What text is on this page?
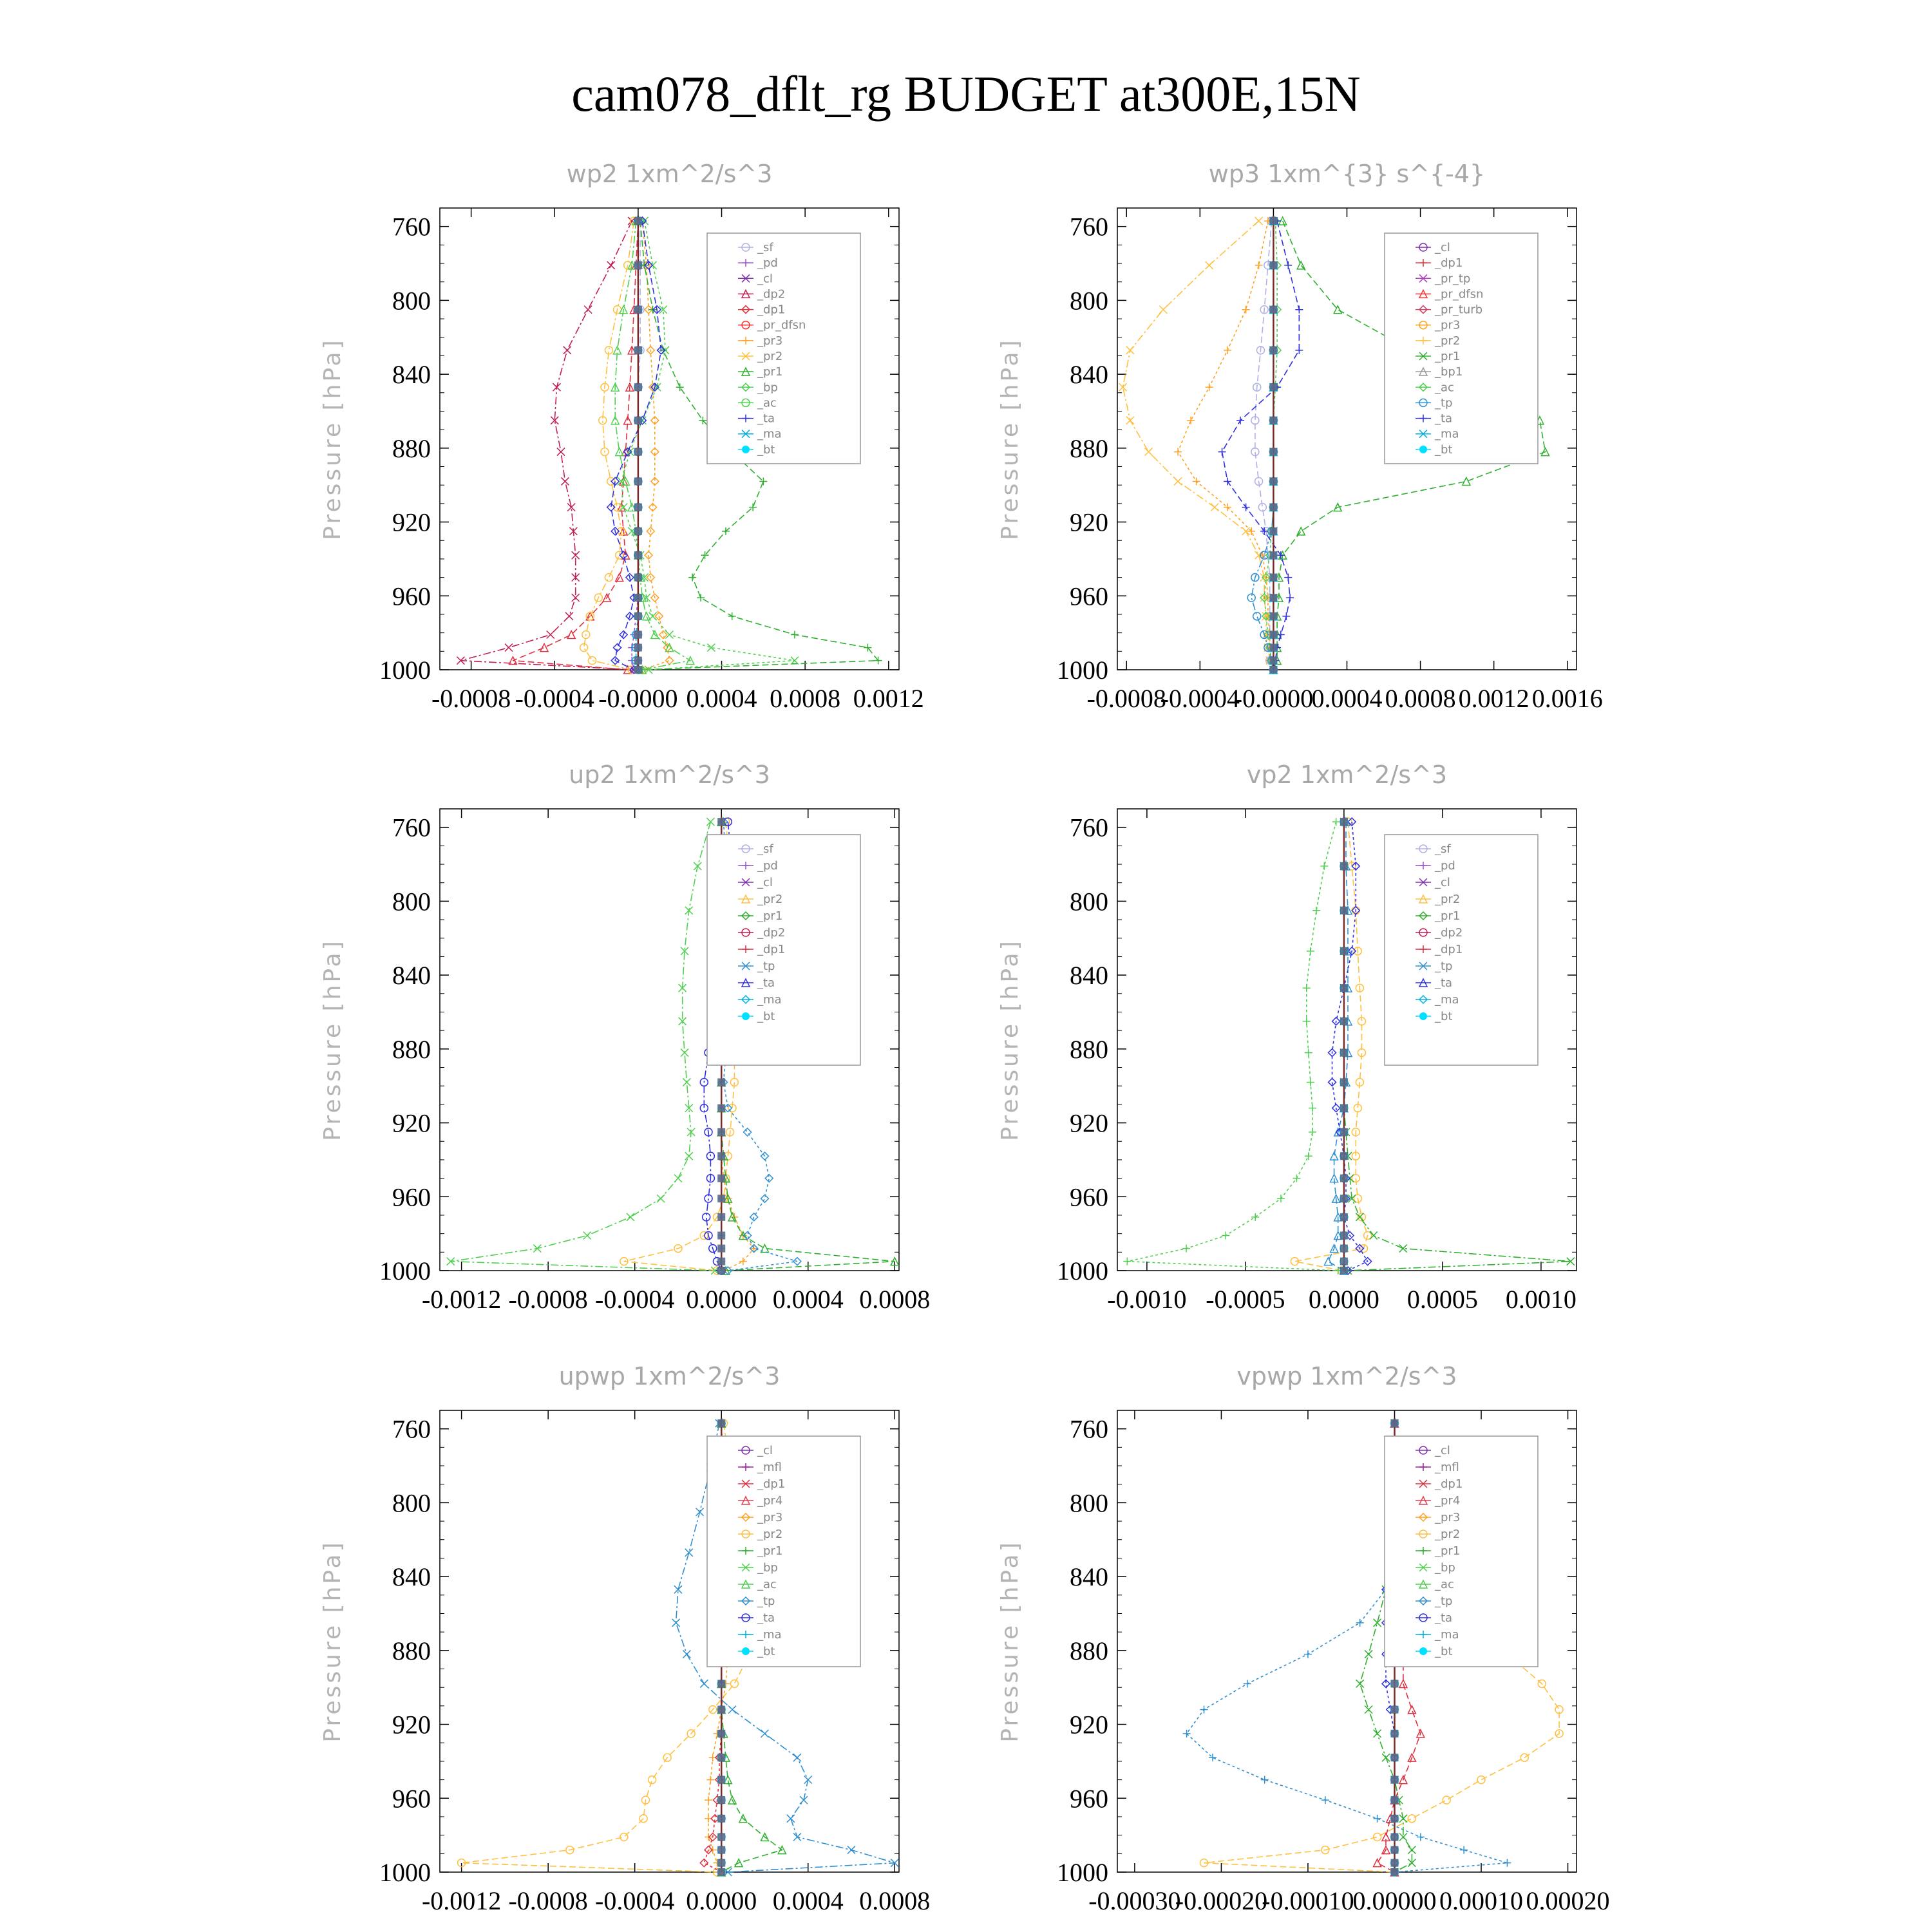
cam078_dflt_rg BUDGET at300E,15N
wp2 1xm^2/s^3
Pressure [hPa]
760
800
840
880
920
960
1000
-0.0008 -0.0004 -0.0000 0.0004 0.0008 0.0012
_sf
_pd
_cl
_dp2
_dp1
_pr_dfsn
_pr3
_pr2
_pr1
_bp
_ac
_ta
_ma
_bt
wp3 1xm^{3} s^{-4}
Pressure [hPa]
760
800
840
880
920
960
1000
-0.0008
-0.0004
-0.0000
0.0004 0.0008 0.0012 0.0016
_cl
_dp1
_pr_tp
_pr_dfsn
_pr_turb
_pr3
_pr2
_pr1
_bp1
_ac
_tp
_ta
_ma
_bt
up2 1xm^2/s^3
Pressure [hPa]
760
800
840
880
920
960
1000
-0.0012 -0.0008 -0.0004 0.0000 0.0004 0.0008
_sf
_pd
_cl
_pr2
_pr1
_dp2
_dp1
_tp
_ta
_ma
_bt
vp2 1xm^2/s^3
Pressure [hPa]
760
800
840
880
920
960
1000
-0.0010 -0.0005 0.0000 0.0005 0.0010
_sf
_pd
_cl
_pr2
_pr1
_dp2
_dp1
_tp
_ta
_ma
_bt
upwp 1xm^2/s^3
Pressure [hPa]
760
800
840
880
920
960
1000
-0.0012 -0.0008 -0.0004 0.0000 0.0004 0.0008
_cl
_mfl
_dp1
_pr4
_pr3
_pr2
_pr1
_bp
_ac
_tp
_ta
_ma
_bt
vpwp 1xm^2/s^3
Pressure [hPa]
760
800
840
880
920
960
1000
-0.00030
-0.00020
-0.00010
0.00000 0.00010 0.00020
_cl
_mfl
_dp1
_pr4
_pr3
_pr2
_pr1
_bp
_ac
_tp
_ta
_ma
_bt
